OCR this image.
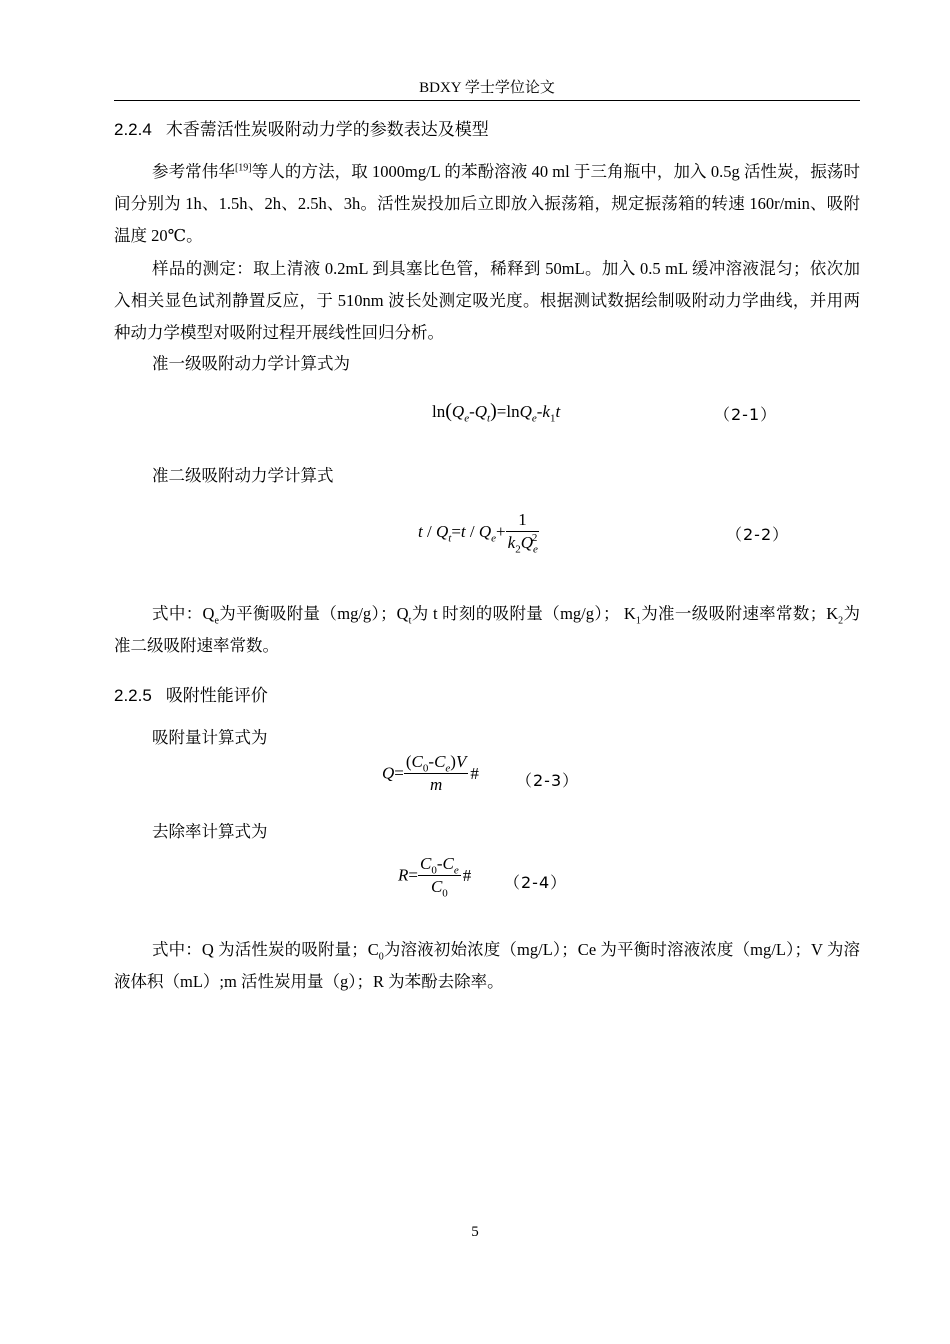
BDXY 学士学位论文
2.2.4 木香薷活性炭吸附动力学的参数表达及模型

参考常伟华[19]等人的方法，取 1000mg/L 的苯酚溶液 40 ml 于三角瓶中，加入 0.5g 活性炭，振荡时间分别为 1h、1.5h、2h、2.5h、3h。活性炭投加后立即放入振荡箱，规定振荡箱的转速 160r/min、吸附温度 20℃。

样品的测定：取上清液 0.2mL 到具塞比色管，稀释到 50mL。加入 0.5 mL 缓冲溶液混匀；依次加入相关显色试剂静置反应，于 510nm 波长处测定吸光度。根据测试数据绘制吸附动力学曲线，并用两种动力学模型对吸附过程开展线性回归分析。

准一级吸附动力学计算式为
$\ln(Q_e-Q_t)=\ln Q_e-k_1t$	（2-1）
准二级吸附动力学计算式
$t / Q_t=t / Q_e+ \frac{1}{k_2Q_e^2}$	（2-2）

式中：$Q_e$为平衡吸附量（mg/g）；$Q_t$为 t 时刻的吸附量（mg/g）； $K_1$为准一级吸附速率常数；$K_2$为准二级吸附速率常数。

2.2.5 吸附性能评价
吸附量计算式为
$Q= \frac{(C_0-C_e)V}{m}$ # （2-3）
去除率计算式为
$R= \frac{C_0-C_e}{C_0}$ # （2-4）

式中：Q 为活性炭的吸附量；$C_0$为溶液初始浓度（mg/L）；Ce 为平衡时溶液浓度（mg/L）；V 为溶液体积（mL）;m 活性炭用量（g）；R 为苯酚去除率。

5
